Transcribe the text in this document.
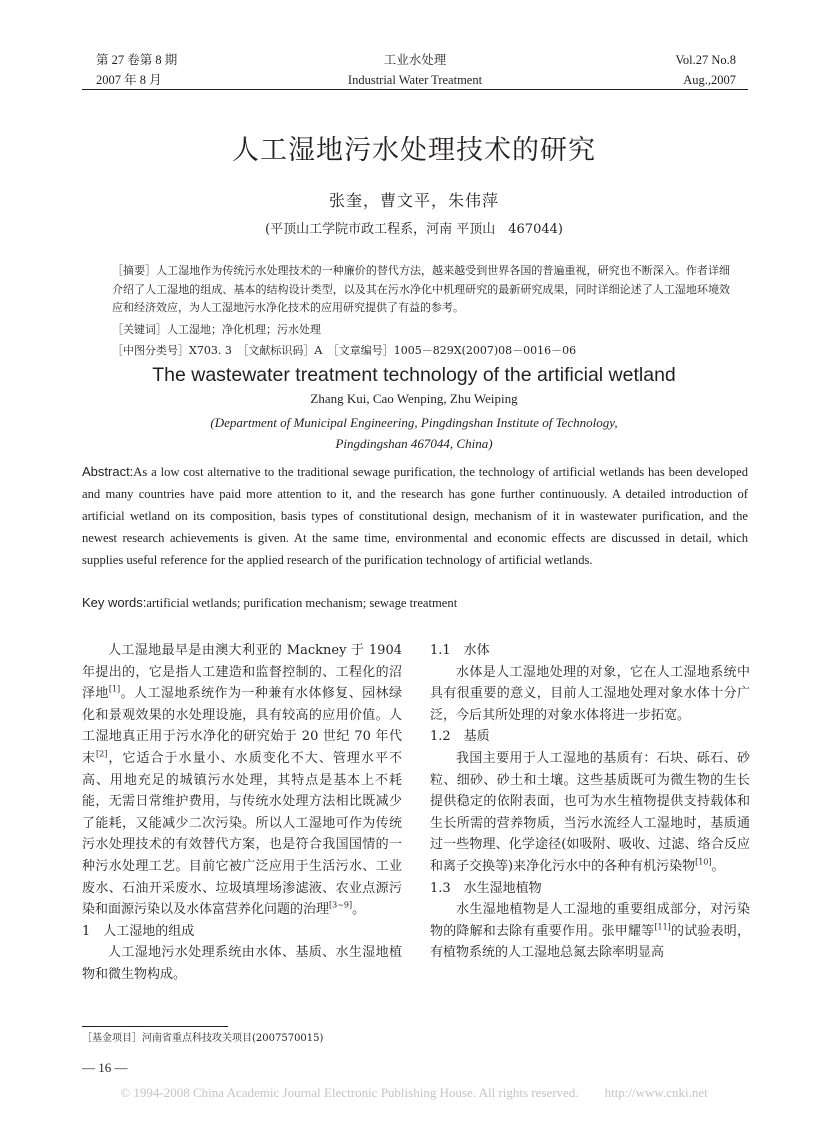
第 27 卷第 8 期
2007 年 8 月
工业水处理
Industrial Water Treatment
Vol.27 No.8
Aug.,2007
人工湿地污水处理技术的研究
张奎，曹文平，朱伟萍
(平顶山工学院市政工程系，河南 平顶山　467044)

［摘要］人工湿地作为传统污水处理技术的一种廉价的替代方法，越来越受到世界各国的普遍重视，研究也不断深入。作者详细介绍了人工湿地的组成、基本的结构设计类型，以及其在污水净化中机理研究的最新研究成果，同时详细论述了人工湿地环境效应和经济效应，为人工湿地污水净化技术的应用研究提供了有益的参考。

［关键词］人工湿地；净化机理；污水处理

［中图分类号］X703. 3　［文献标识码］A　［文章编号］1005－829X(2007)08－0016－06

The wastewater treatment technology of the artificial wetland
Zhang Kui, Cao Wenping, Zhu Weiping
(Department of Municipal Engineering, Pingdingshan Institute of Technology,
Pingdingshan 467044, China)
Abstract:As a low cost alternative to the traditional sewage purification, the technology of artificial wetlands has been developed and many countries have paid more attention to it, and the research has gone further continuously. A detailed introduction of artificial wetland on its composition, basis types of constitutional design, mechanism of it in wastewater purification, and the newest research achievements is given. At the same time, environmental and economic effects are discussed in detail, which supplies useful reference for the applied research of the purification technology of artificial wetlands.
Key words:artificial wetlands; purification mechanism; sewage treatment

人工湿地最早是由澳大利亚的 Mackney 于 1904 年提出的，它是指人工建造和监督控制的、工程化的沼泽地[1]。人工湿地系统作为一种兼有水体修复、园林绿化和景观效果的水处理设施，具有较高的应用价值。人工湿地真正用于污水净化的研究始于 20 世纪 70 年代末[2]，它适合于水量小、水质变化不大、管理水平不高、用地充足的城镇污水处理，其特点是基本上不耗能，无需日常维护费用，与传统水处理方法相比既减少了能耗，又能减少二次污染。所以人工湿地可作为传统污水处理技术的有效替代方案，也是符合我国国情的一种污水处理工艺。目前它被广泛应用于生活污水、工业废水、石油开采废水、垃圾填埋场渗滤液、农业点源污染和面源污染以及水体富营养化问题的治理[3~9]。

1　人工湿地的组成

人工湿地污水处理系统由水体、基质、水生湿地植物和微生物构成。

1.1　水体

水体是人工湿地处理的对象，它在人工湿地系统中具有很重要的意义，目前人工湿地处理对象水体十分广泛，今后其所处理的对象水体将进一步拓宽。

1.2　基质

我国主要用于人工湿地的基质有：石块、砾石、砂粒、细砂、砂土和土壤。这些基质既可为微生物的生长提供稳定的依附表面，也可为水生植物提供支持载体和生长所需的营养物质，当污水流经人工湿地时，基质通过一些物理、化学途径(如吸附、吸收、过滤、络合反应和离子交换等)来净化污水中的各种有机污染物[10]。

1.3　水生湿地植物

水生湿地植物是人工湿地的重要组成部分，对污染物的降解和去除有重要作用。张甲耀等[11]的试验表明，有植物系统的人工湿地总氮去除率明显高

［基金项目］河南省重点科技攻关项目(2007570015)
— 16 —
© 1994-2008 China Academic Journal Electronic Publishing House. All rights reserved.　　http://www.cnki.net
